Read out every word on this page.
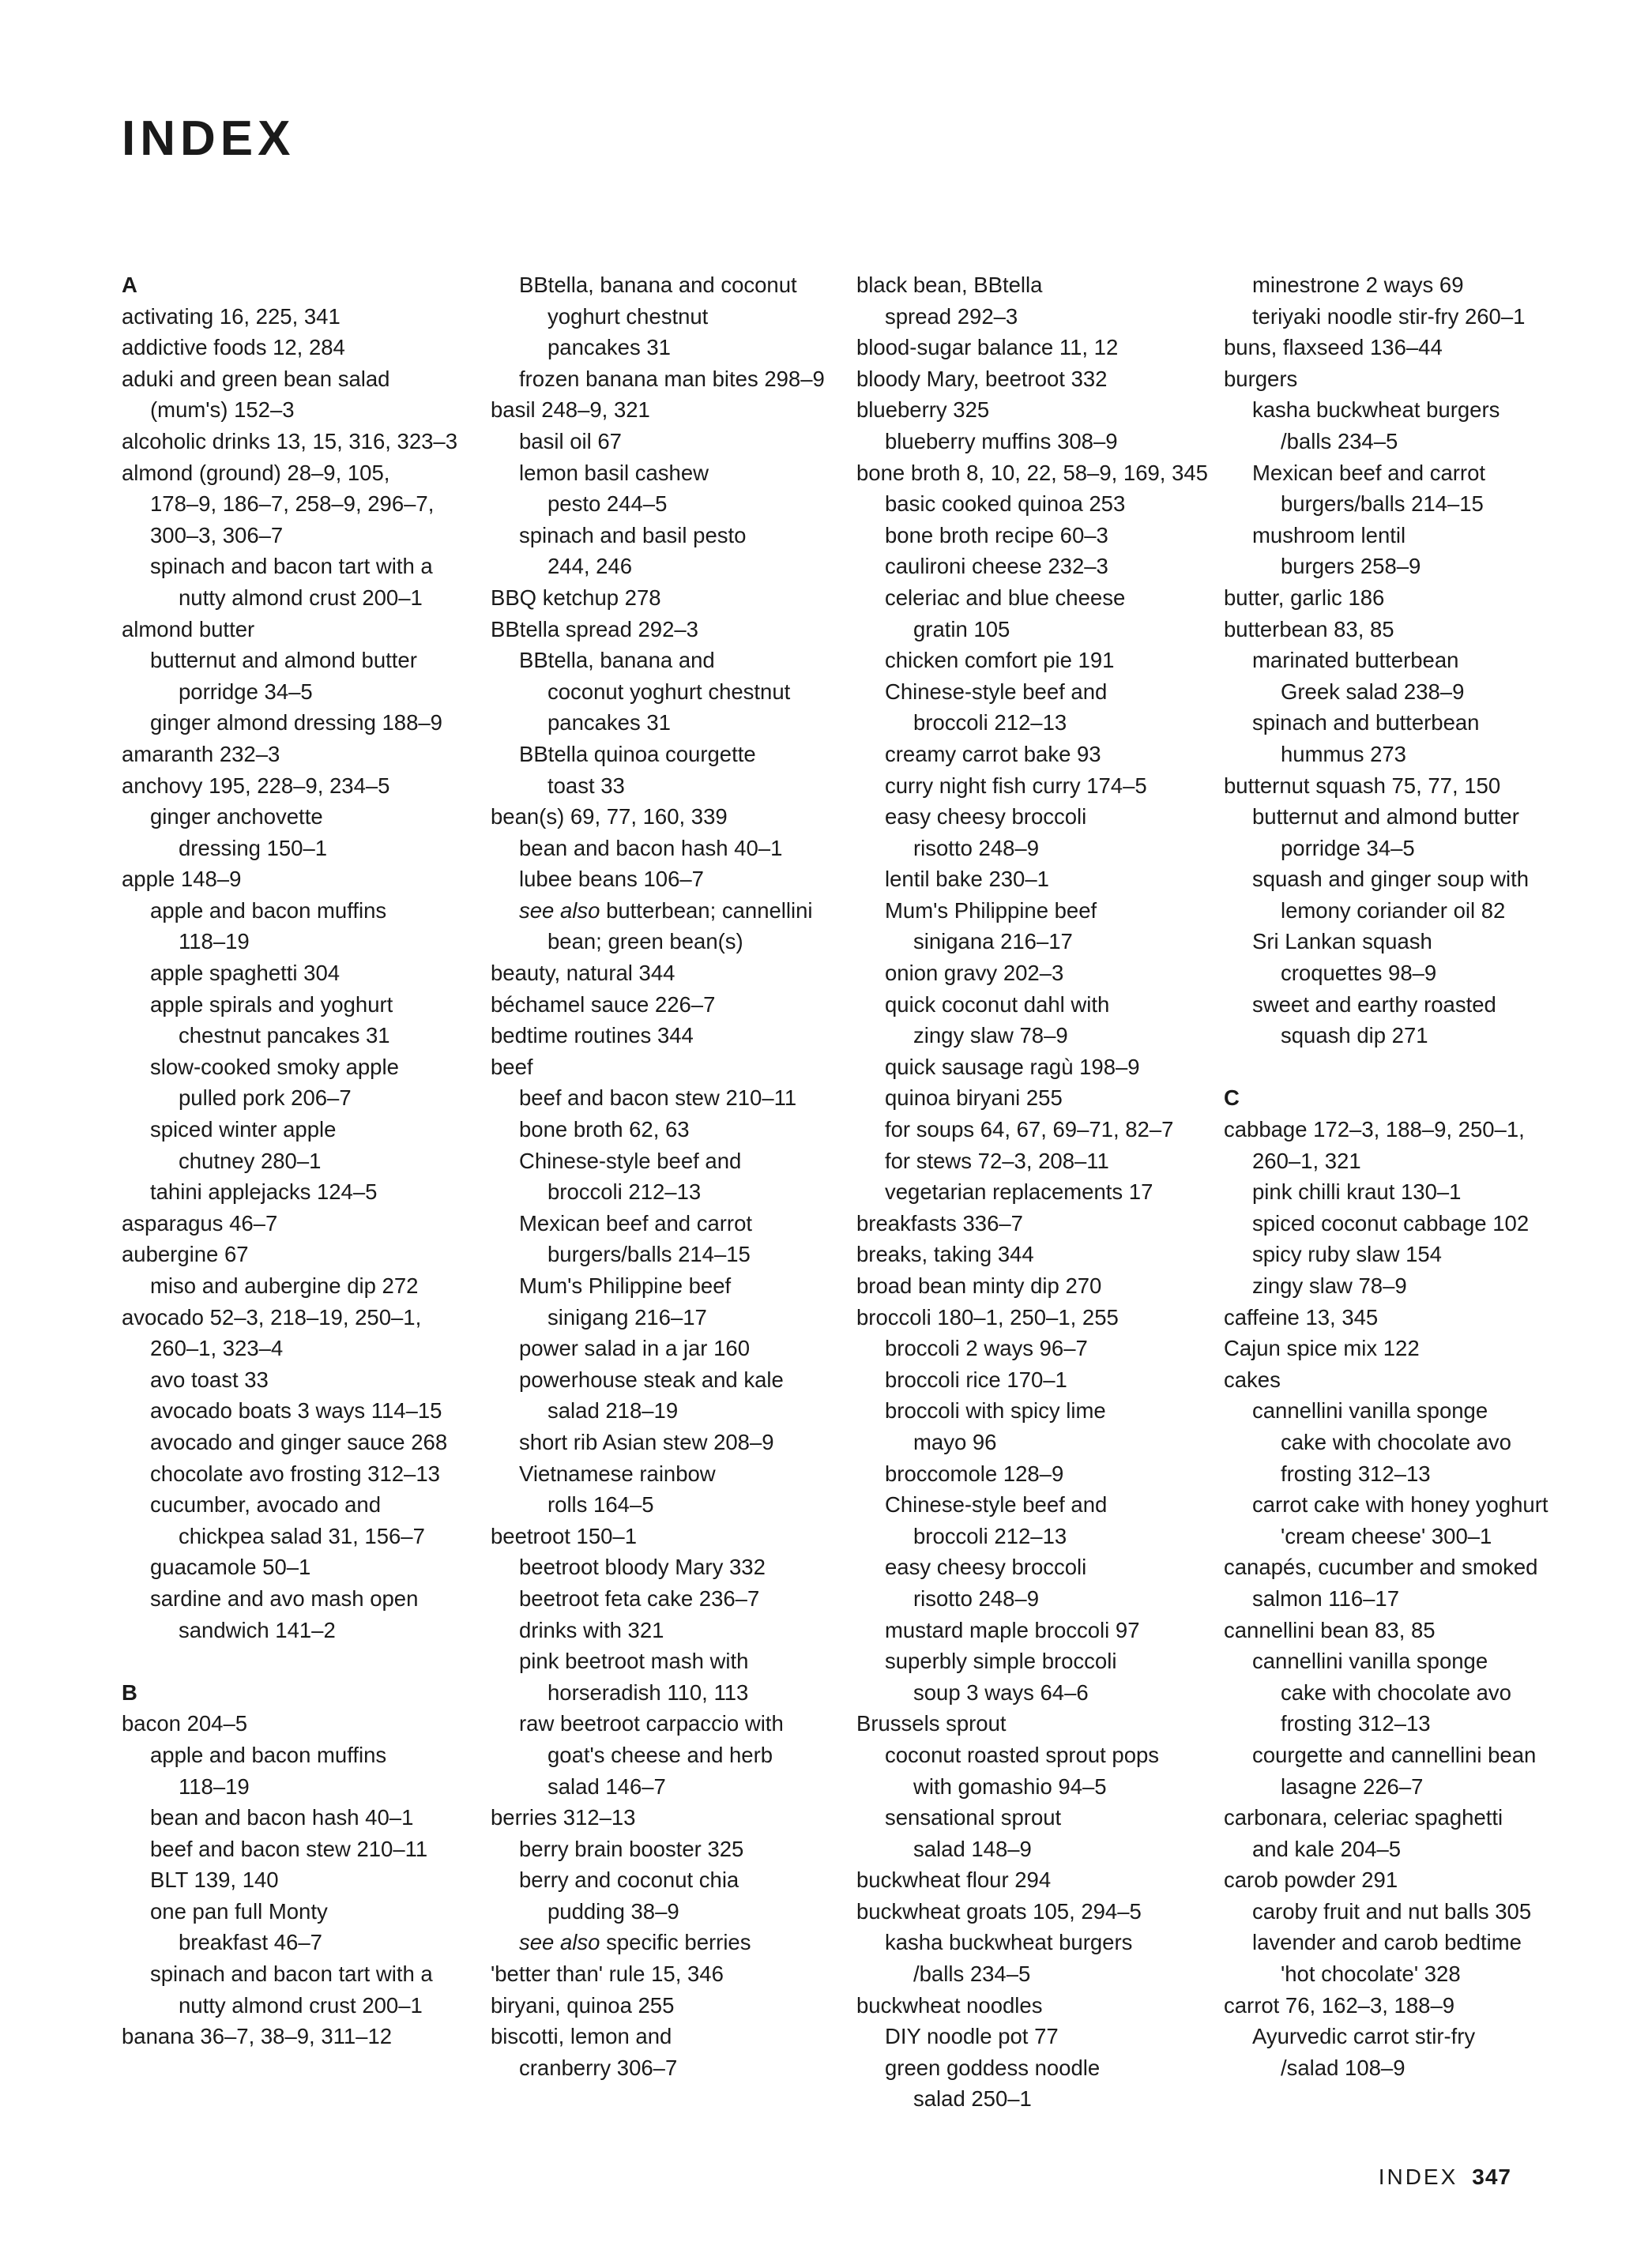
INDEX
A
activating 16, 225, 341
addictive foods 12, 284
aduki and green bean salad
(mum's) 152–3
alcoholic drinks 13, 15, 316, 323–3
almond (ground) 28–9, 105,
178–9, 186–7, 258–9, 296–7,
300–3, 306–7
spinach and bacon tart with a
nutty almond crust 200–1
almond butter
butternut and almond butter
porridge 34–5
ginger almond dressing 188–9
amaranth 232–3
anchovy 195, 228–9, 234–5
ginger anchovette
dressing 150–1
apple 148–9
apple and bacon muffins
118–19
apple spaghetti 304
apple spirals and yoghurt
chestnut pancakes 31
slow-cooked smoky apple
pulled pork 206–7
spiced winter apple
chutney 280–1
tahini applejacks 124–5
asparagus 46–7
aubergine 67
miso and aubergine dip 272
avocado 52–3, 218–19, 250–1,
260–1, 323–4
avo toast 33
avocado boats 3 ways 114–15
avocado and ginger sauce 268
chocolate avo frosting 312–13
cucumber, avocado and
chickpea salad 31, 156–7
guacamole 50–1
sardine and avo mash open
sandwich 141–2
B
bacon 204–5
apple and bacon muffins
118–19
bean and bacon hash 40–1
beef and bacon stew 210–11
BLT 139, 140
one pan full Monty
breakfast 46–7
spinach and bacon tart with a
nutty almond crust 200–1
banana 36–7, 38–9, 311–12
BBtella, banana and coconut
yoghurt chestnut
pancakes 31
frozen banana man bites 298–9
basil 248–9, 321
basil oil 67
lemon basil cashew
pesto 244–5
spinach and basil pesto
244, 246
BBQ ketchup 278
BBtella spread 292–3
BBtella, banana and
coconut yoghurt chestnut
pancakes 31
BBtella quinoa courgette
toast 33
bean(s) 69, 77, 160, 339
bean and bacon hash 40–1
lubee beans 106–7
see also butterbean; cannellini
bean; green bean(s)
beauty, natural 344
béchamel sauce 226–7
bedtime routines 344
beef
beef and bacon stew 210–11
bone broth 62, 63
Chinese-style beef and
broccoli 212–13
Mexican beef and carrot
burgers/balls 214–15
Mum's Philippine beef
sinigang 216–17
power salad in a jar 160
powerhouse steak and kale
salad 218–19
short rib Asian stew 208–9
Vietnamese rainbow
rolls 164–5
beetroot 150–1
beetroot bloody Mary 332
beetroot feta cake 236–7
drinks with 321
pink beetroot mash with
horseradish 110, 113
raw beetroot carpaccio with
goat's cheese and herb
salad 146–7
berries 312–13
berry brain booster 325
berry and coconut chia
pudding 38–9
see also specific berries
'better than' rule 15, 346
biryani, quinoa 255
biscotti, lemon and
cranberry 306–7
black bean, BBtella
spread 292–3
blood-sugar balance 11, 12
bloody Mary, beetroot 332
blueberry 325
blueberry muffins 308–9
bone broth 8, 10, 22, 58–9, 169, 345
basic cooked quinoa 253
bone broth recipe 60–3
caulironi cheese 232–3
celeriac and blue cheese
gratin 105
chicken comfort pie 191
Chinese-style beef and
broccoli 212–13
creamy carrot bake 93
curry night fish curry 174–5
easy cheesy broccoli
risotto 248–9
lentil bake 230–1
Mum's Philippine beef
sinigana 216–17
onion gravy 202–3
quick coconut dahl with
zingy slaw 78–9
quick sausage ragù 198–9
quinoa biryani 255
for soups 64, 67, 69–71, 82–7
for stews 72–3, 208–11
vegetarian replacements 17
breakfasts 336–7
breaks, taking 344
broad bean minty dip 270
broccoli 180–1, 250–1, 255
broccoli 2 ways 96–7
broccoli rice 170–1
broccoli with spicy lime
mayo 96
broccomole 128–9
Chinese-style beef and
broccoli 212–13
easy cheesy broccoli
risotto 248–9
mustard maple broccoli 97
superbly simple broccoli
soup 3 ways 64–6
Brussels sprout
coconut roasted sprout pops
with gomashio 94–5
sensational sprout
salad 148–9
buckwheat flour 294
buckwheat groats 105, 294–5
kasha buckwheat burgers
/balls 234–5
buckwheat noodles
DIY noodle pot 77
green goddess noodle
salad 250–1
minestrone 2 ways 69
teriyaki noodle stir-fry 260–1
buns, flaxseed 136–44
burgers
kasha buckwheat burgers
/balls 234–5
Mexican beef and carrot
burgers/balls 214–15
mushroom lentil
burgers 258–9
butter, garlic 186
butterbean 83, 85
marinated butterbean
Greek salad 238–9
spinach and butterbean
hummus 273
butternut squash 75, 77, 150
butternut and almond butter
porridge 34–5
squash and ginger soup with
lemony coriander oil 82
Sri Lankan squash
croquettes 98–9
sweet and earthy roasted
squash dip 271
C
cabbage 172–3, 188–9, 250–1,
260–1, 321
pink chilli kraut 130–1
spiced coconut cabbage 102
spicy ruby slaw 154
zingy slaw 78–9
caffeine 13, 345
Cajun spice mix 122
cakes
cannellini vanilla sponge
cake with chocolate avo
frosting 312–13
carrot cake with honey yoghurt
'cream cheese' 300–1
canapés, cucumber and smoked
salmon 116–17
cannellini bean 83, 85
cannellini vanilla sponge
cake with chocolate avo
frosting 312–13
courgette and cannellini bean
lasagne 226–7
carbonara, celeriac spaghetti
and kale 204–5
carob powder 291
caroby fruit and nut balls 305
lavender and carob bedtime
'hot chocolate' 328
carrot 76, 162–3, 188–9
Ayurvedic carrot stir-fry
/salad 108–9
INDEX 347
